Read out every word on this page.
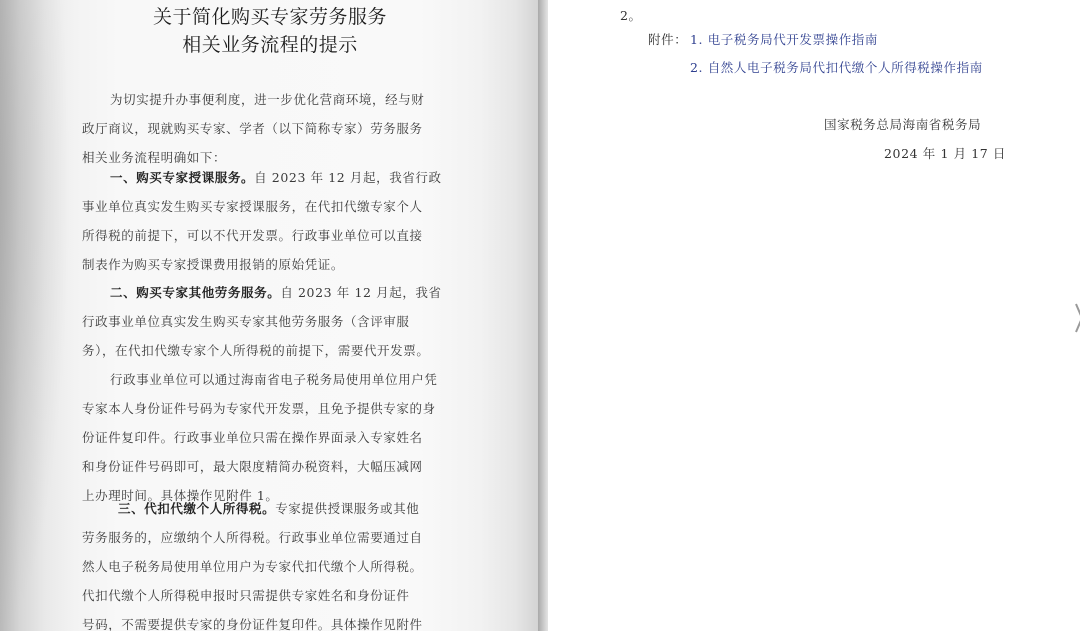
关于简化购买专家劳务服务
相关业务流程的提示
为切实提升办事便利度，进一步优化营商环境，经与财
政厅商议，现就购买专家、学者（以下简称专家）劳务服务
相关业务流程明确如下：
一、购买专家授课服务。自 2023 年 12 月起，我省行政
事业单位真实发生购买专家授课服务，在代扣代缴专家个人
所得税的前提下，可以不代开发票。行政事业单位可以直接
制表作为购买专家授课费用报销的原始凭证。
二、购买专家其他劳务服务。自 2023 年 12 月起，我省
行政事业单位真实发生购买专家其他劳务服务（含评审服
务），在代扣代缴专家个人所得税的前提下，需要代开发票。
行政事业单位可以通过海南省电子税务局使用单位用户凭
专家本人身份证件号码为专家代开发票，且免予提供专家的身
份证件复印件。行政事业单位只需在操作界面录入专家姓名
和身份证件号码即可，最大限度精简办税资料，大幅压减网
上办理时间。具体操作见附件 1。
三、代扣代缴个人所得税。专家提供授课服务或其他
劳务服务的，应缴纳个人所得税。行政事业单位需要通过自
然人电子税务局使用单位用户为专家代扣代缴个人所得税。
代扣代缴个人所得税申报时只需提供专家姓名和身份证件
号码，不需要提供专家的身份证件复印件。具体操作见附件
2。
附件： 1. 电子税务局代开发票操作指南
2. 自然人电子税务局代扣代缴个人所得税操作指南
国家税务总局海南省税务局
2024 年 1 月 17 日
